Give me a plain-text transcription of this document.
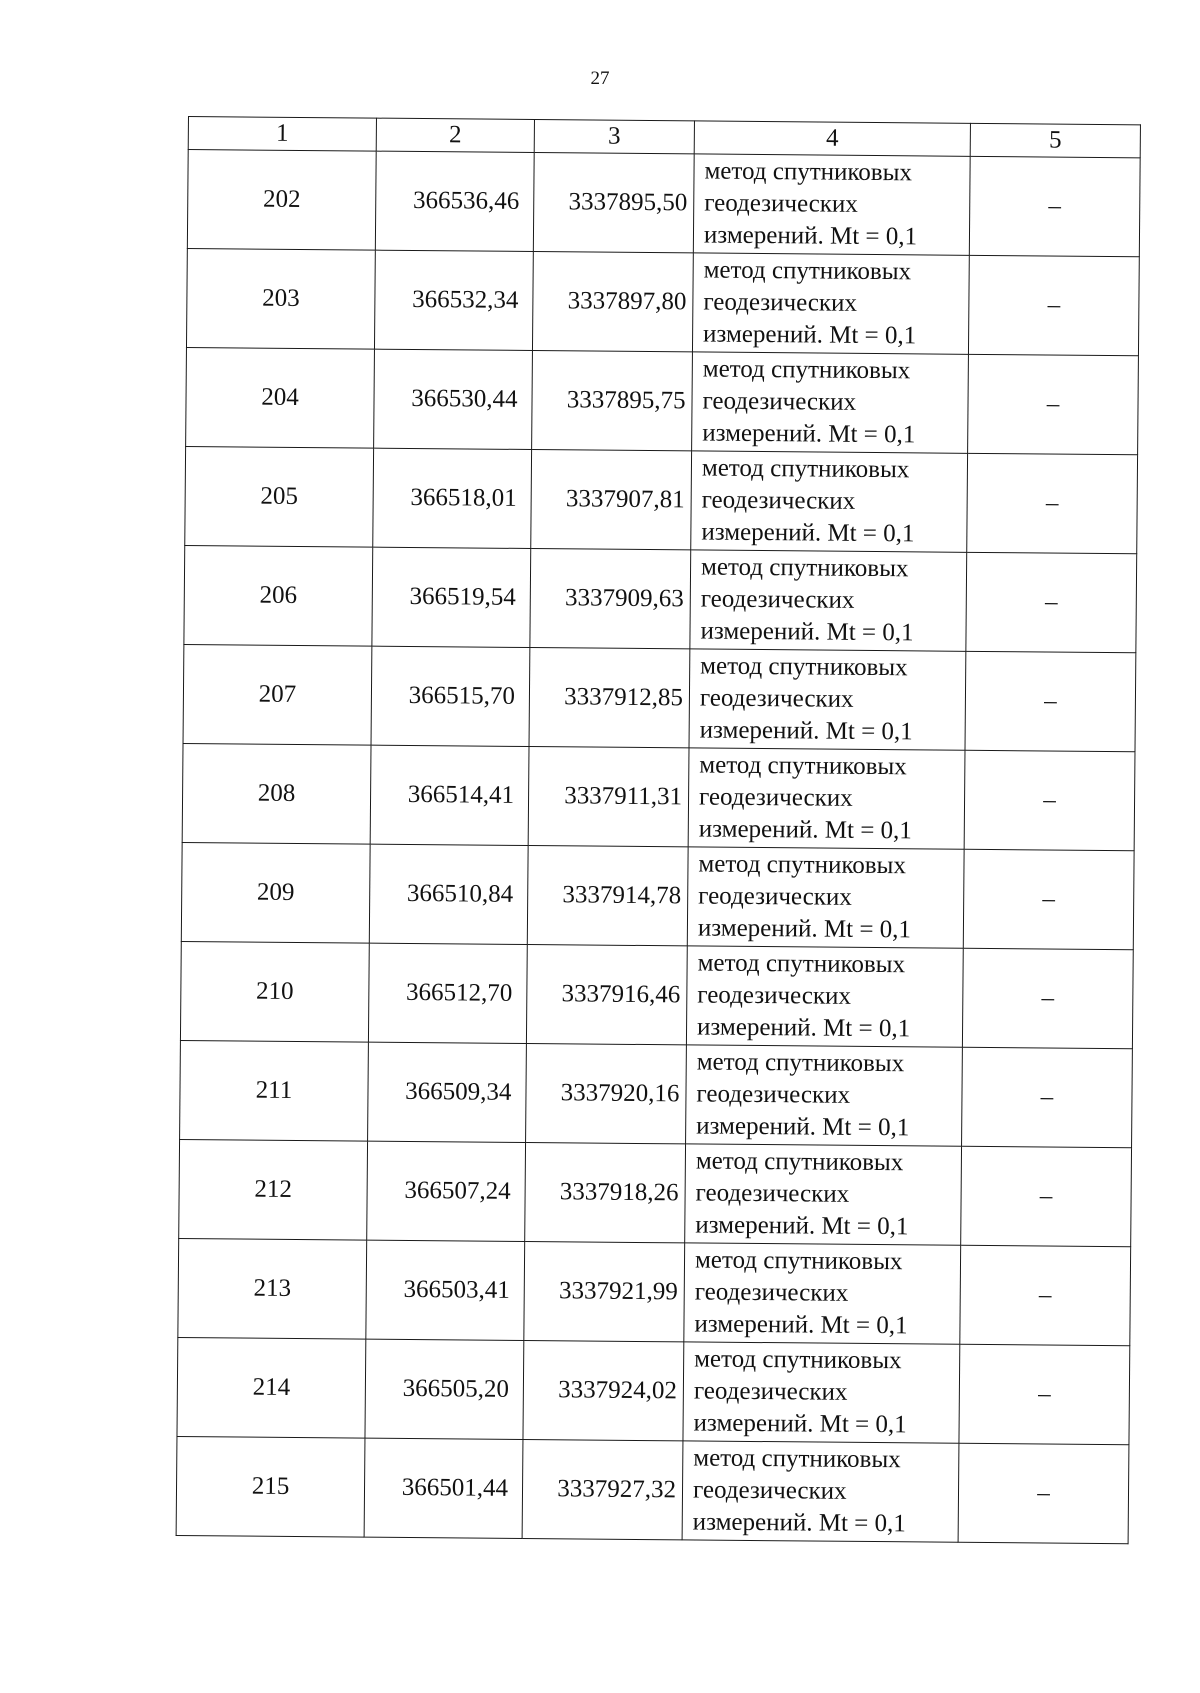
27
1	2	3	4	5
202	366536,46	3337895,50	метод спутниковых
геодезических
измерений. Mt = 0,1	–
203	366532,34	3337897,80	метод спутниковых
геодезических
измерений. Mt = 0,1	–
204	366530,44	3337895,75	метод спутниковых
геодезических
измерений. Mt = 0,1	–
205	366518,01	3337907,81	метод спутниковых
геодезических
измерений. Mt = 0,1	–
206	366519,54	3337909,63	метод спутниковых
геодезических
измерений. Mt = 0,1	–
207	366515,70	3337912,85	метод спутниковых
геодезических
измерений. Mt = 0,1	–
208	366514,41	3337911,31	метод спутниковых
геодезических
измерений. Mt = 0,1	–
209	366510,84	3337914,78	метод спутниковых
геодезических
измерений. Mt = 0,1	–
210	366512,70	3337916,46	метод спутниковых
геодезических
измерений. Mt = 0,1	–
211	366509,34	3337920,16	метод спутниковых
геодезических
измерений. Mt = 0,1	–
212	366507,24	3337918,26	метод спутниковых
геодезических
измерений. Mt = 0,1	–
213	366503,41	3337921,99	метод спутниковых
геодезических
измерений. Mt = 0,1	–
214	366505,20	3337924,02	метод спутниковых
геодезических
измерений. Mt = 0,1	–
215	366501,44	3337927,32	метод спутниковых
геодезических
измерений. Mt = 0,1	–
